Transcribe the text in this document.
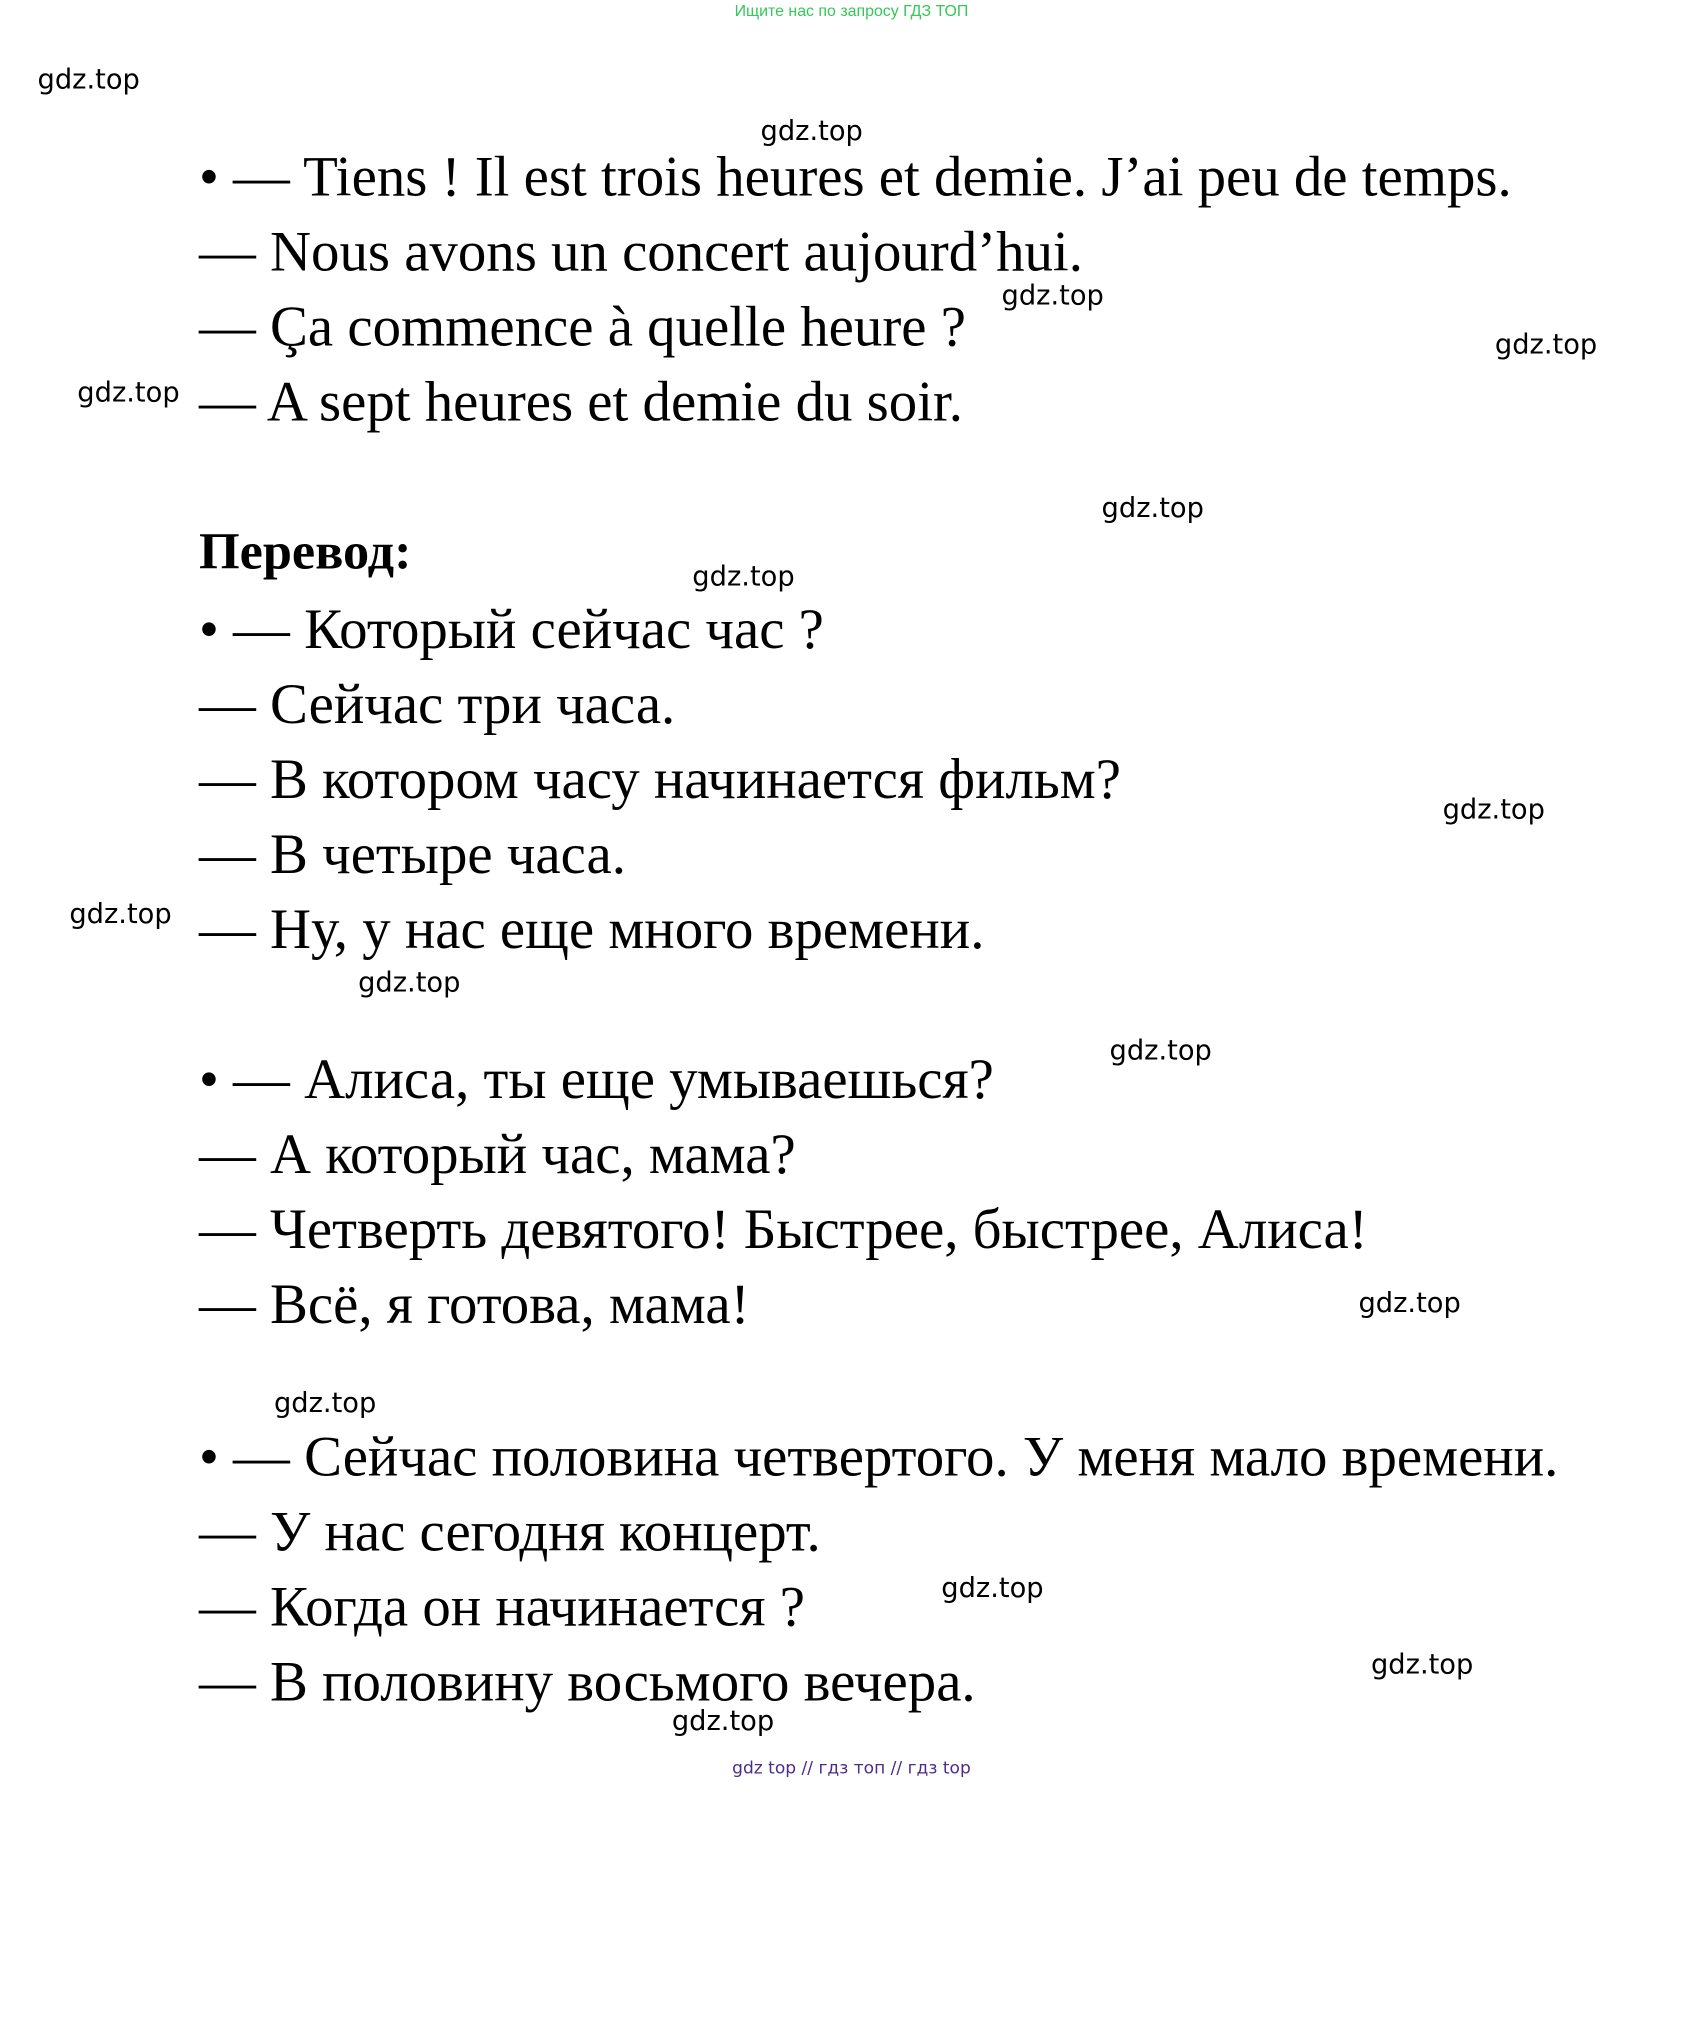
Ищите нас по запросу ГДЗ ТОП
• — Tiens ! Il est trois heures et demie. J’ai peu de temps.
— Nous avons un concert aujourd’hui.
— Ça commence à quelle heure ?
— A sept heures et demie du soir.
Перевод:
• — Который сейчас час ?
— Сейчас три часа.
— В котором часу начинается фильм?
— В четыре часа.
— Ну, у нас еще много времени.
• — Алиса, ты еще умываешься?
— А который час, мама?
— Четверть девятого! Быстрее, быстрее, Алиса!
— Всё, я готова, мама!
• — Сейчас половина четвертого. У меня мало времени.
— У нас сегодня концерт.
— Когда он начинается ?
— В половину восьмого вечера.
gdz.top
gdz.top
gdz.top
gdz.top
gdz.top
gdz.top
gdz.top
gdz.top
gdz.top
gdz.top
gdz.top
gdz.top
gdz.top
gdz.top
gdz.top
gdz.top
gdz top // гдз топ // гдз top
